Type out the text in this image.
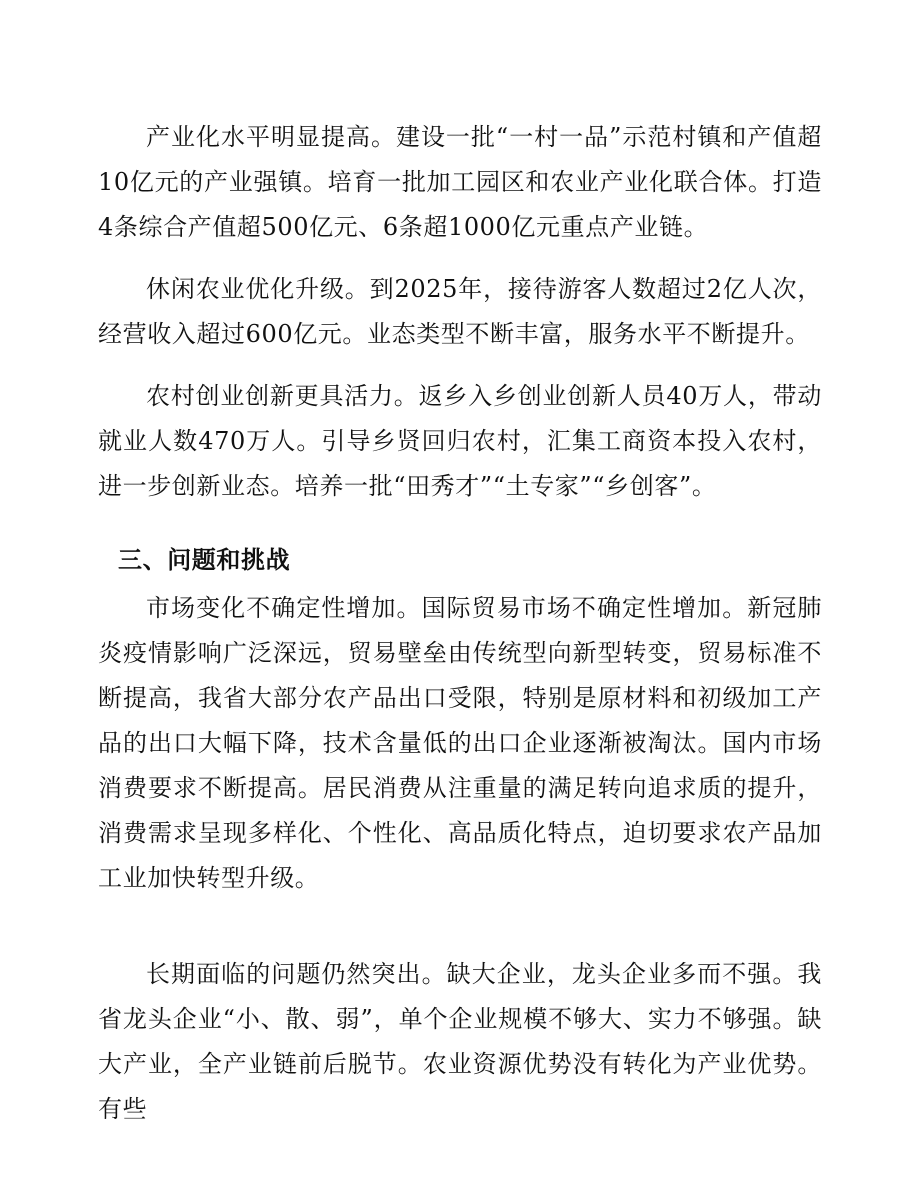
产业化水平明显提高。建设一批“一村一品”示范村镇和产值超10亿元的产业强镇。培育一批加工园区和农业产业化联合体。打造4条综合产值超500亿元、6条超1000亿元重点产业链。

休闲农业优化升级。到2025年，接待游客人数超过2亿人次，经营收入超过600亿元。业态类型不断丰富，服务水平不断提升。

农村创业创新更具活力。返乡入乡创业创新人员40万人，带动就业人数470万人。引导乡贤回归农村，汇集工商资本投入农村，进一步创新业态。培养一批“田秀才”“土专家”“乡创客”。

三、问题和挑战

市场变化不确定性增加。国际贸易市场不确定性增加。新冠肺炎疫情影响广泛深远，贸易壁垒由传统型向新型转变，贸易标准不断提高，我省大部分农产品出口受限，特别是原材料和初级加工产品的出口大幅下降，技术含量低的出口企业逐渐被淘汰。国内市场消费要求不断提高。居民消费从注重量的满足转向追求质的提升，消费需求呈现多样化、个性化、高品质化特点，迫切要求农产品加工业加快转型升级。

长期面临的问题仍然突出。缺大企业，龙头企业多而不强。我省龙头企业“小、散、弱”，单个企业规模不够大、实力不够强。缺大产业，全产业链前后脱节。农业资源优势没有转化为产业优势。有些
